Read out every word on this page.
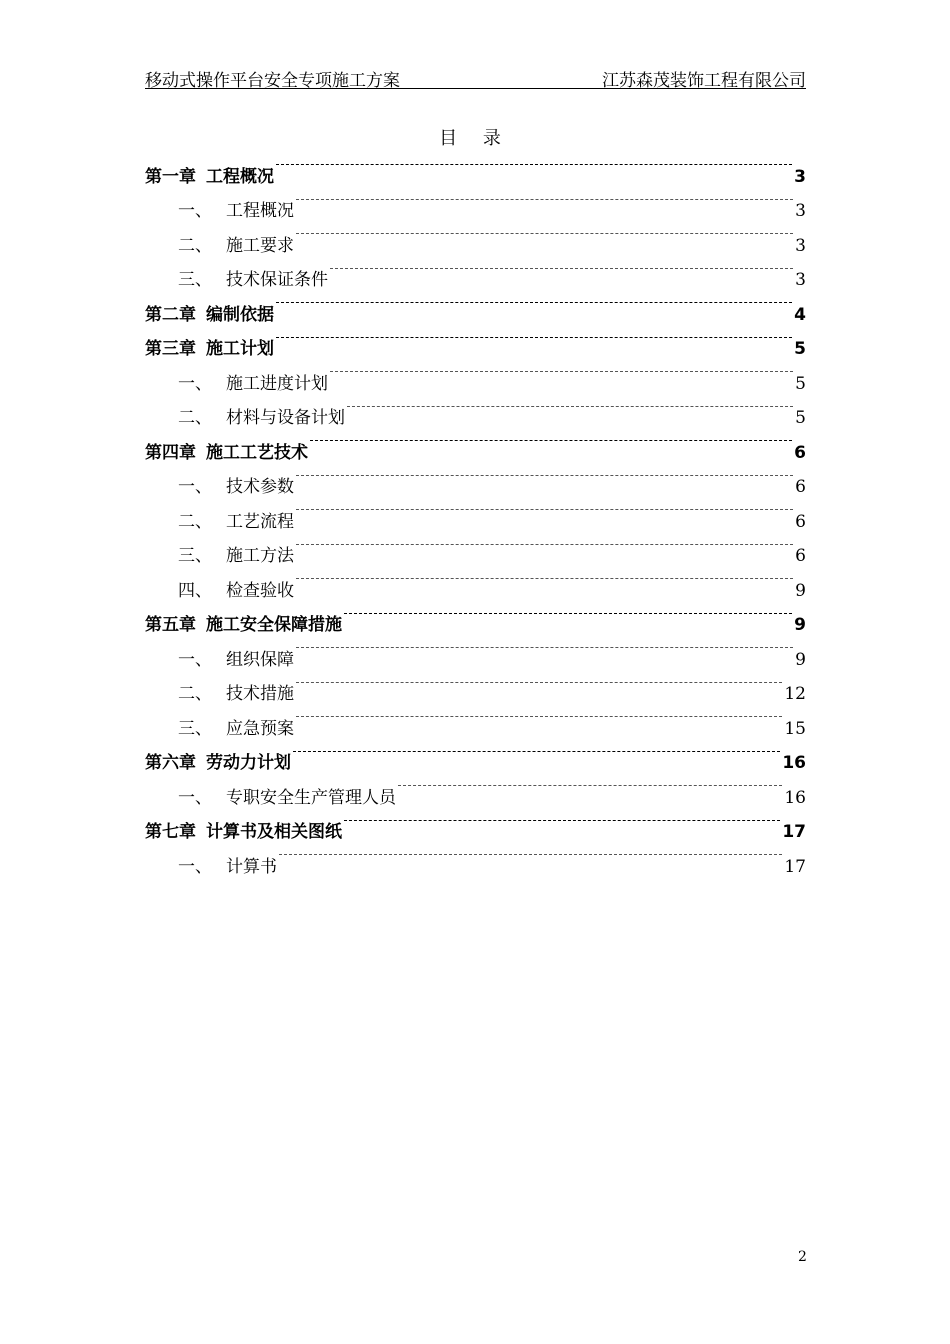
移动式操作平台安全专项施工方案	江苏森茂装饰工程有限公司
目 录
第一章 工程概况	3
一、 工程概况	3
二、 施工要求	3
三、 技术保证条件	3
第二章 编制依据	4
第三章 施工计划	5
一、 施工进度计划	5
二、 材料与设备计划	5
第四章 施工工艺技术	6
一、 技术参数	6
二、 工艺流程	6
三、 施工方法	6
四、 检查验收	9
第五章 施工安全保障措施	9
一、 组织保障	9
二、 技术措施	12
三、 应急预案	15
第六章 劳动力计划	16
一、 专职安全生产管理人员	16
第七章 计算书及相关图纸	17
一、 计算书	17
2
